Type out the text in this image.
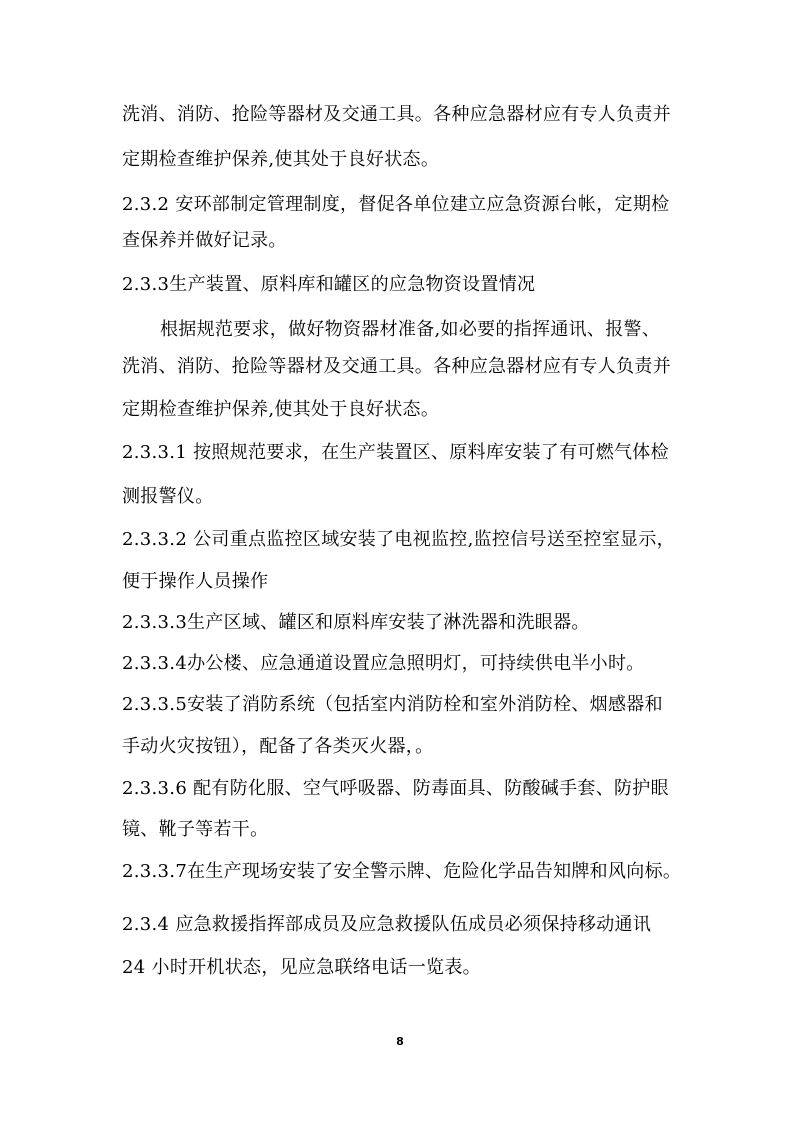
洗消、消防、抢险等器材及交通工具。各种应急器材应有专人负责并
定期检查维护保养,使其处于良好状态。
2.3.2 安环部制定管理制度，督促各单位建立应急资源台帐，定期检
查保养并做好记录。
2.3.3生产装置、原料库和罐区的应急物资设置情况
根据规范要求，做好物资器材准备,如必要的指挥通讯、报警、
洗消、消防、抢险等器材及交通工具。各种应急器材应有专人负责并
定期检查维护保养,使其处于良好状态。
2.3.3.1 按照规范要求，在生产装置区、原料库安装了有可燃气体检
测报警仪。
2.3.3.2 公司重点监控区域安装了电视监控,监控信号送至控室显示，
便于操作人员操作
2.3.3.3生产区域、罐区和原料库安装了淋洗器和洗眼器。
2.3.3.4办公楼、应急通道设置应急照明灯，可持续供电半小时。
2.3.3.5安装了消防系统（包括室内消防栓和室外消防栓、烟感器和
手动火灾按钮），配备了各类灭火器，。
2.3.3.6 配有防化服、空气呼吸器、防毒面具、防酸碱手套、防护眼
镜、靴子等若干。
2.3.3.7在生产现场安装了安全警示牌、危险化学品告知牌和风向标。
2.3.4 应急救援指挥部成员及应急救援队伍成员必须保持移动通讯
24 小时开机状态，见应急联络电话一览表。
8
